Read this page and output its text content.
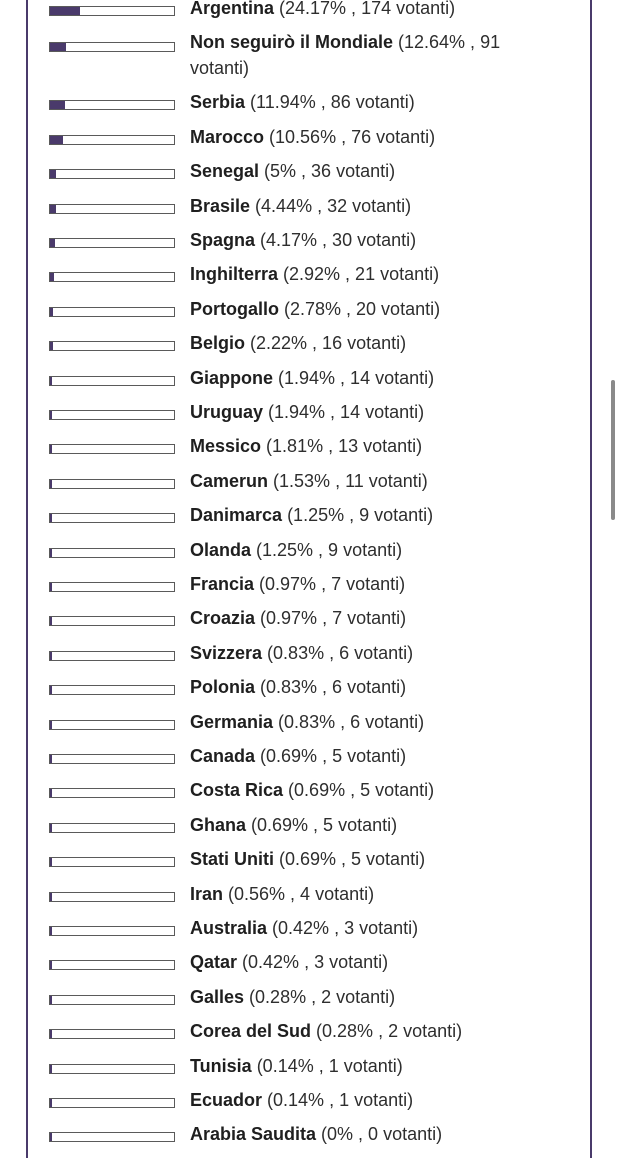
Argentina (24.17% , 174 votanti)
Non seguirò il Mondiale (12.64% , 91 votanti)
Serbia (11.94% , 86 votanti)
Marocco (10.56% , 76 votanti)
Senegal (5% , 36 votanti)
Brasile (4.44% , 32 votanti)
Spagna (4.17% , 30 votanti)
Inghilterra (2.92% , 21 votanti)
Portogallo (2.78% , 20 votanti)
Belgio (2.22% , 16 votanti)
Giappone (1.94% , 14 votanti)
Uruguay (1.94% , 14 votanti)
Messico (1.81% , 13 votanti)
Camerun (1.53% , 11 votanti)
Danimarca (1.25% , 9 votanti)
Olanda (1.25% , 9 votanti)
Francia (0.97% , 7 votanti)
Croazia (0.97% , 7 votanti)
Svizzera (0.83% , 6 votanti)
Polonia (0.83% , 6 votanti)
Germania (0.83% , 6 votanti)
Canada (0.69% , 5 votanti)
Costa Rica (0.69% , 5 votanti)
Ghana (0.69% , 5 votanti)
Stati Uniti (0.69% , 5 votanti)
Iran (0.56% , 4 votanti)
Australia (0.42% , 3 votanti)
Qatar (0.42% , 3 votanti)
Galles (0.28% , 2 votanti)
Corea del Sud (0.28% , 2 votanti)
Tunisia (0.14% , 1 votanti)
Ecuador (0.14% , 1 votanti)
Arabia Saudita (0% , 0 votanti)
